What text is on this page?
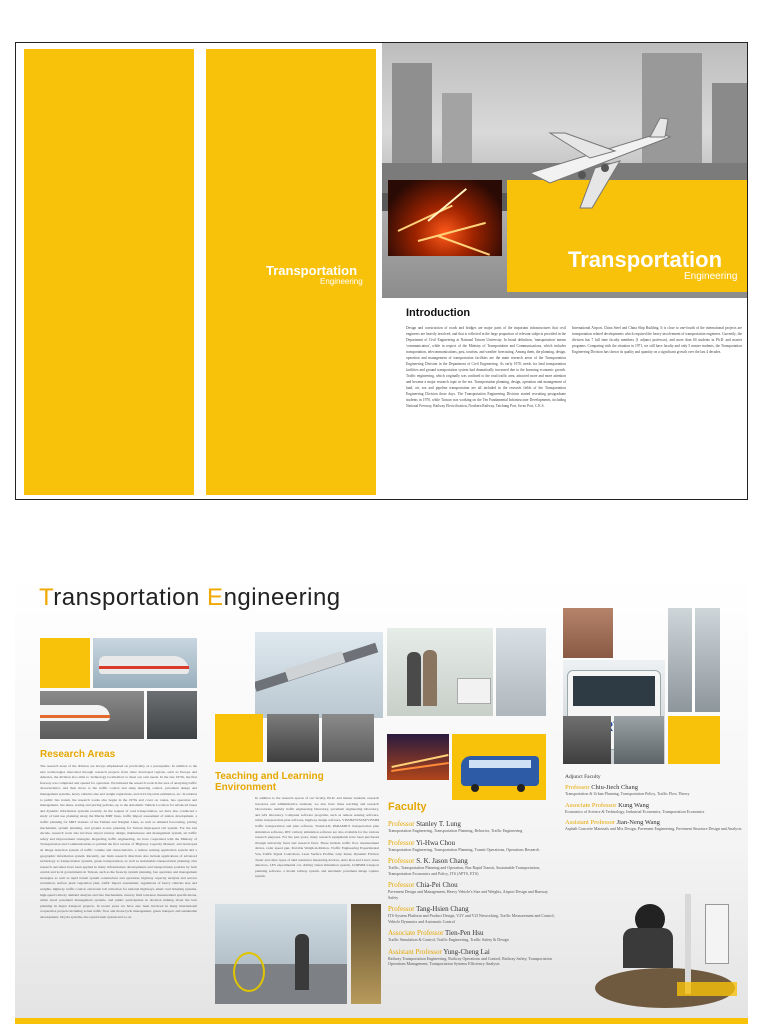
Transportation
Engineering
Transportation
Engineering
Introduction
Design and construction of roads and bridges are major parts of the important infrastructures that civil engineers are heavily involved, and that is reflected in the large proportion of relevant subjects provided in the Department of Civil Engineering at National Taiwan University. In broad definition, 'transportation' means 'communication', while in respect of the Ministry of Transportation and Communications, which includes transportation, telecommunications, post, tourism, and weather forecasting. Among them, the planning, design, operation and management of transportation facilities are the main research areas of the Transportation Engineering Division in the Department of Civil Engineering. As early 1970, needs for land transportation facilities and ground transportation system had dramatically increased due to the booming economic growth. Traffic engineering, which originally was confined to the road traffic area, attracted more and more attention and became a major research topic in the era. Transportation planning, design, operation and management of land, air, sea and pipeline transportation are all included in the research fields of the Transportation Engineering Division these days. The Transportation Engineering Division started recruiting postgraduate students in 1970, while Taiwan was working on the Ten Fundamental Infrastructure Developments, including National Freeway, Railway Electrification, Northern Railway, Taichung Port, Su-ao Port, C.K.S.
International Airport, China Steel and China Ship Building. It is close to one-fourth of the international projects are transportation related developments which required the heavy involvement of transportation engineers. Currently, the division has 7 full time faculty members (1 adjunct professor), and more than 60 students in Ph.D. and master programs. Comparing with the situation in 1971, we still have faculty and only 5 master students, the Transportation Engineering Division has shown its quality and quantity on a significant growth over the last 4 decades.
Transportation Engineering
Research Areas
The research areas of the division are always emphasized on practicality as a prerequisite. In addition to the new technologies innovated through research projects from other developed regions, such as Europe and America, the division also aims to 'technology localization' to meet our own needs. In the late 1970s, the first freeway was completed and opened for operation. We initiated the research work in the area of analyzing traffic characteristics, and then move to the traffic control and ramp metering control, pavement design and management systems, heavy vehicles size and weight regulations, and O-D trip table estimation, etc. In relation to public bus transit, the research works also began in the 1970s and cover on routes, bus operation and management, bus lanes, zoning and pricing policies, up to the Automatic Vehicle Location for advanced buses and dynamic information systems recently. At the request of road transportation, we have also conducted a study of land use planning along the Mucha MRT lines, traffic impact assessment of station development, a traffic planning for MRT stations of the Tamsui and Xinghai Lines, as well as demand forecasting, pricing mechanism, system planning, and ground access planning for Taiwan high-speed rail system. For the last decade, research work also involves airport runway design, maintenance and management system, air traffic safety and improvement strategies. Regarding traffic engineering, we have cooperated with the Ministry of Transportation and Communications to publish the first version of 'Highway Capacity Manual', and developed an image detection system of traffic volume and characteristics, a remote sensing application system and a geographic information system. Recently, our main research directions also include applications of advanced technology to transportation systems, green transportation, as well as sustainable transportation planning. Our research outcomes have been applied in many infrastructure developments and transportation policies by both central and local governments in Taiwan, such as the freeway system planning, bus operation and management strategies as well as rapid transit system construction and operation, highway capacity analysis and service evaluation, surface plant vegetation plan, traffic impact assessment, regulations of heavy vehicles size and weights, highway traffic control, electronic toll collection for national highways, smart card ticketing systems, high-speed railway demand analysis and fare mechanisms, runway field tolerance measurement specifications, urban street pavement management systems, and public participation in decision making about the best planning in major transport projects. In recent years we have also been involved in many international cooperative projects including actual traffic flow and motorcycle management, green transport and sustainable development, bicycle systems, bus rapid transit system and so on.
Teaching and Learning
Environment
In addition to the research spaces of our faculty, Ph.D. and master students, research resources and administrative assistant, we also have these teaching and research laboratories, namely traffic engineering laboratory, pavement engineering laboratory, and GIS laboratory. Computer software programs, such as remote sensing software, urban transportation plan software, highway design software, VISSIM/VISUM/VISSIM traffic transportation and plan software, TransCAD, PARAMICS transportation plan simulation software, RTC railway simulation software are also available for the various research purposes. For the past years, many research equipments have been purchased through university fund and research fund. These include traffic flow measurement device, radar speed gun, Portable Weigh-in-Motion, Traffic Engineering Experimental Van, Traffic Signal Controllers, Laser Surface Profiler, Grip Tester, Dynamic Friction Tester and other types of skid resistance measuring devices, Auto Rod and Level, noise detectors, LPS experimental car, driving visual simulation system, CORSIM transport planning software, a model railway system, and automatic pavement image capture system.
Faculty
Professor Stanley T. Lung
Transportation Engineering, Transportation Planning, Behavior, Traffic Engineering
Professor Yi-Hwa Chou
Transportation Engineering, Transportation Planning, Transit Operations, Operations Research
Professor S. K. Jason Chang
Traffic, Transportation Planning and Operation, Bus Rapid Transit, Sustainable Transportation, Transportation Economics and Policy, ITS (APTS, ETS)
Professor Chia-Pei Chou
Pavement Design and Management, Heavy Vehicle's Size and Weights, Airport Design and Runway Safety
Professor Tang-Hsien Chang
ITS System Platform and Product Design, V2V and V2I Networking, Traffic Measurement and Control, Vehicle Dynamics and Automatic Control
Associate Professor Tien-Pen Hsu
Traffic Simulation & Control, Traffic Engineering, Traffic Safety & Design
Assistant Professor Yung-Cheng Lai
Railway Transportation Engineering, Railway Operations and Control, Railway Safety, Transportation Operations Management, Transportation Systems Efficiency Analysis
Adjunct Faculty
Professor Chiu-Jiech Chang
Transportation & Urban Planning, Transportation Policy, Traffic Flow Theory
Associate Professor Kung Wang
Economics of Science & Technology, Industrial Economics, Transportation Economics
Assistant Professor Jian-Neng Wang
Asphalt Concrete Materials and Mix Design, Pavement Engineering, Pavement Structure Design and Analysis
